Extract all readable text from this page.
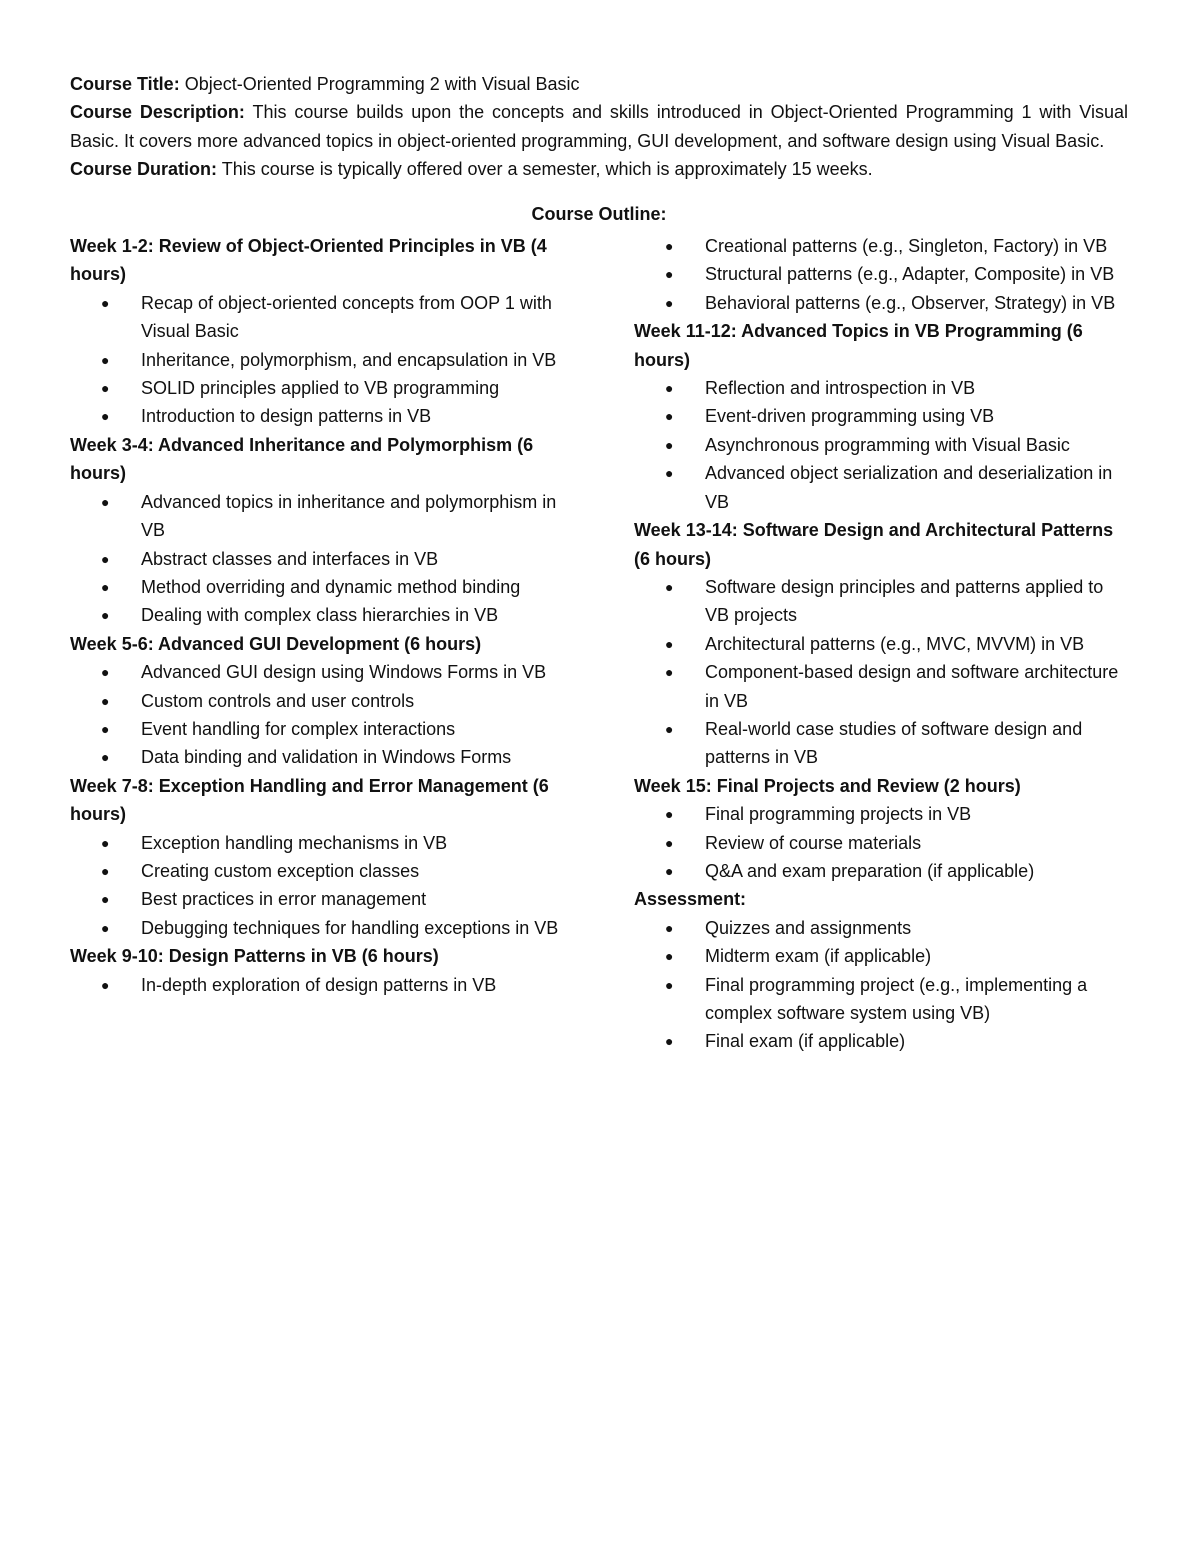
Course Title: Object-Oriented Programming 2 with Visual Basic
Course Description: This course builds upon the concepts and skills introduced in Object-Oriented Programming 1 with Visual Basic. It covers more advanced topics in object-oriented programming, GUI development, and software design using Visual Basic.
Course Duration: This course is typically offered over a semester, which is approximately 15 weeks.
Course Outline:
Week 1-2: Review of Object-Oriented Principles in VB (4 hours)
● Recap of object-oriented concepts from OOP 1 with Visual Basic
● Inheritance, polymorphism, and encapsulation in VB
● SOLID principles applied to VB programming
● Introduction to design patterns in VB
Week 3-4: Advanced Inheritance and Polymorphism (6 hours)
● Advanced topics in inheritance and polymorphism in VB
● Abstract classes and interfaces in VB
● Method overriding and dynamic method binding
● Dealing with complex class hierarchies in VB
Week 5-6: Advanced GUI Development (6 hours)
● Advanced GUI design using Windows Forms in VB
● Custom controls and user controls
● Event handling for complex interactions
● Data binding and validation in Windows Forms
Week 7-8: Exception Handling and Error Management (6 hours)
● Exception handling mechanisms in VB
● Creating custom exception classes
● Best practices in error management
● Debugging techniques for handling exceptions in VB
Week 9-10: Design Patterns in VB (6 hours)
● In-depth exploration of design patterns in VB
● Creational patterns (e.g., Singleton, Factory) in VB
● Structural patterns (e.g., Adapter, Composite) in VB
● Behavioral patterns (e.g., Observer, Strategy) in VB
Week 11-12: Advanced Topics in VB Programming (6 hours)
● Reflection and introspection in VB
● Event-driven programming using VB
● Asynchronous programming with Visual Basic
● Advanced object serialization and deserialization in VB
Week 13-14: Software Design and Architectural Patterns (6 hours)
● Software design principles and patterns applied to VB projects
● Architectural patterns (e.g., MVC, MVVM) in VB
● Component-based design and software architecture in VB
● Real-world case studies of software design and patterns in VB
Week 15: Final Projects and Review (2 hours)
● Final programming projects in VB
● Review of course materials
● Q&A and exam preparation (if applicable)
Assessment:
● Quizzes and assignments
● Midterm exam (if applicable)
● Final programming project (e.g., implementing a complex software system using VB)
● Final exam (if applicable)
